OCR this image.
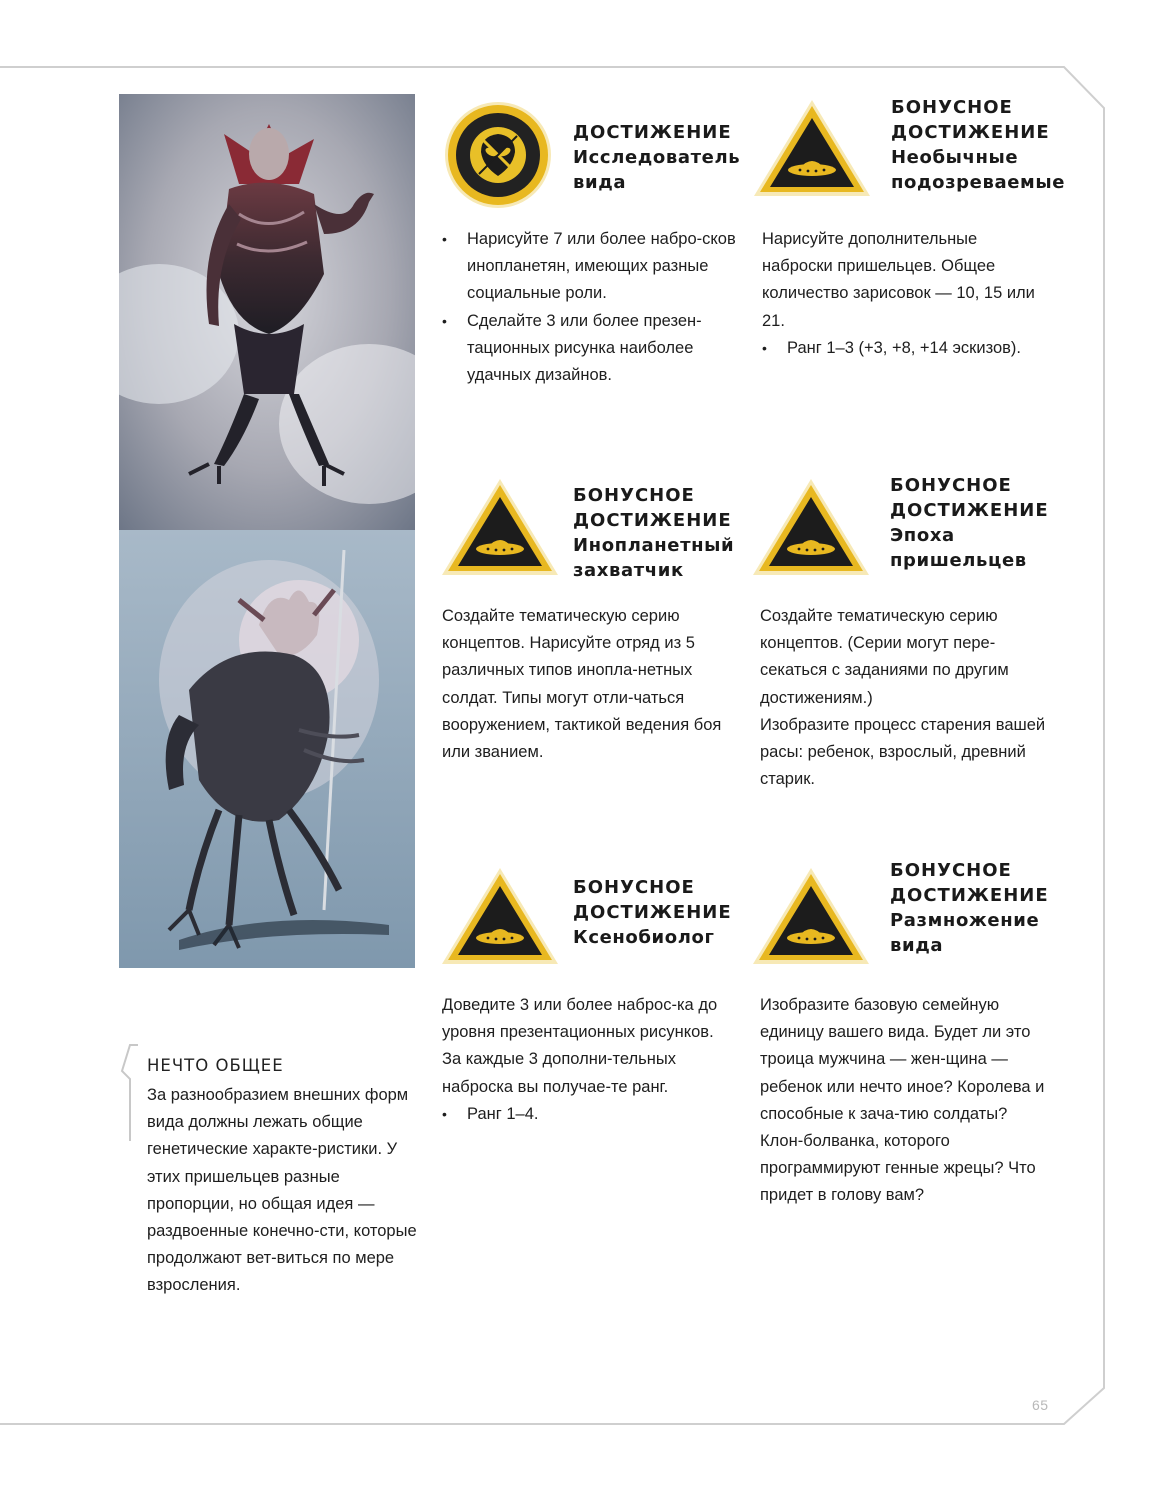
ДОСТИЖЕНИЕ
Исследователь
вида
• Нарисуйте 7 или более набро-сков инопланетян, имеющих разные социальные роли.
• Сделайте 3 или более презен-тационных рисунка наиболее удачных дизайнов.
БОНУСНОЕ
ДОСТИЖЕНИЕ
Необычные
подозреваемые

Нарисуйте дополнительные наброски пришельцев. Общее количество зарисовок — 10, 15 или 21.

• Ранг 1–3 (+3, +8, +14 эскизов).
БОНУСНОЕ
ДОСТИЖЕНИЕ
Инопланетный
захватчик

Создайте тематическую серию концептов. Нарисуйте отряд из 5 различных типов инопла-нетных солдат. Типы могут отли-чаться вооружением, тактикой ведения боя или званием.

БОНУСНОЕ
ДОСТИЖЕНИЕ
Эпоха
пришельцев

Создайте тематическую серию концептов. (Серии могут пере-секаться с заданиями по другим достижениям.)

Изобразите процесс старения вашей расы: ребенок, взрослый, древний старик.

БОНУСНОЕ
ДОСТИЖЕНИЕ
Ксенобиолог

Доведите 3 или более наброс-ка до уровня презентационных рисунков. За каждые 3 дополни-тельных наброска вы получае-те ранг.

• Ранг 1–4.
БОНУСНОЕ
ДОСТИЖЕНИЕ
Размножение
вида

Изобразите базовую семейную единицу вашего вида. Будет ли это троица мужчина — жен-щина — ребенок или нечто иное? Королева и способные к зача-тию солдаты? Клон-болванка, которого программируют генные жрецы? Что придет в голову вам?

НЕЧТО ОБЩЕЕ
За разнообразием внешних форм вида должны лежать общие генетические характе-ристики. У этих пришельцев разные пропорции, но общая идея — раздвоенные конечно-сти, которые продолжают вет-виться по мере взросления.
65
